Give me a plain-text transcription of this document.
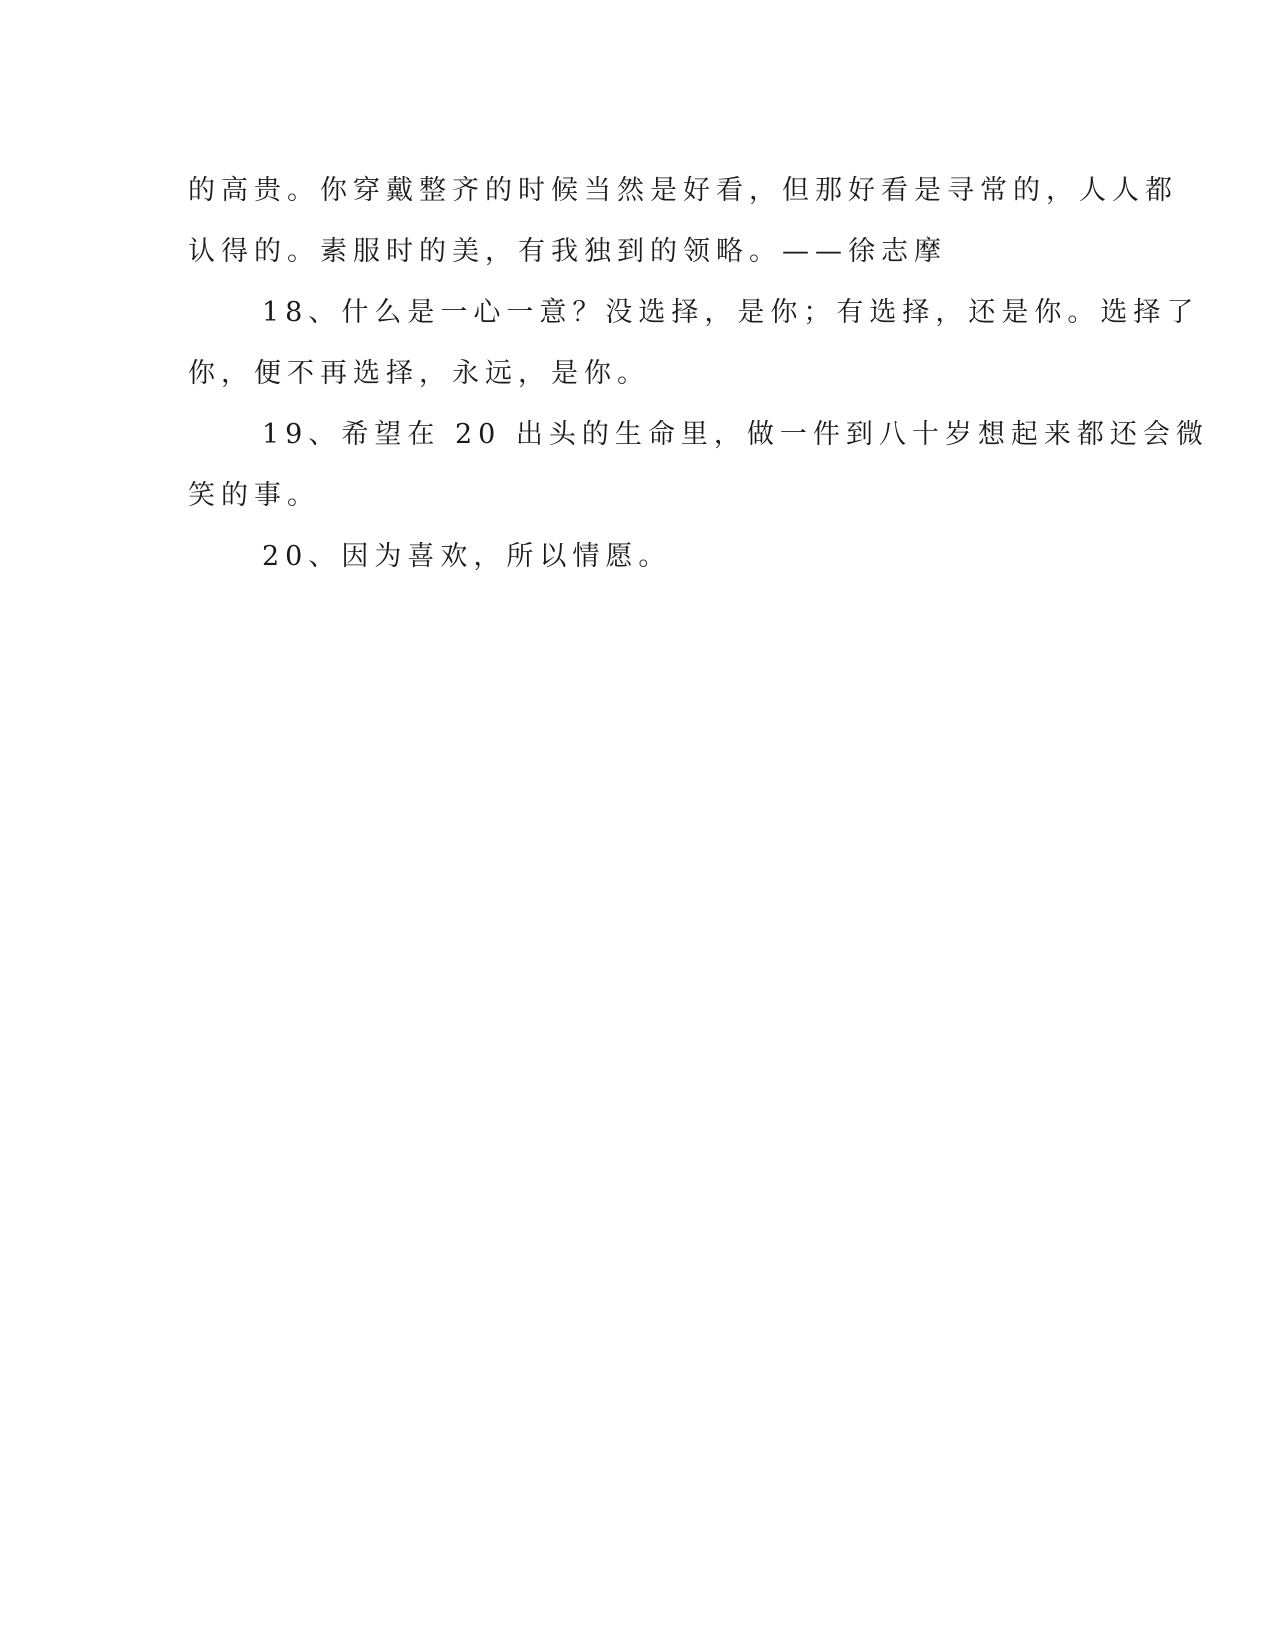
的高贵。你穿戴整齐的时候当然是好看，但那好看是寻常的，人人都
认得的。素服时的美，有我独到的领略。——徐志摩
18、什么是一心一意？没选择，是你；有选择，还是你。选择了
你，便不再选择，永远，是你。
19、希望在 20 出头的生命里，做一件到八十岁想起来都还会微
笑的事。
20、因为喜欢，所以情愿。
